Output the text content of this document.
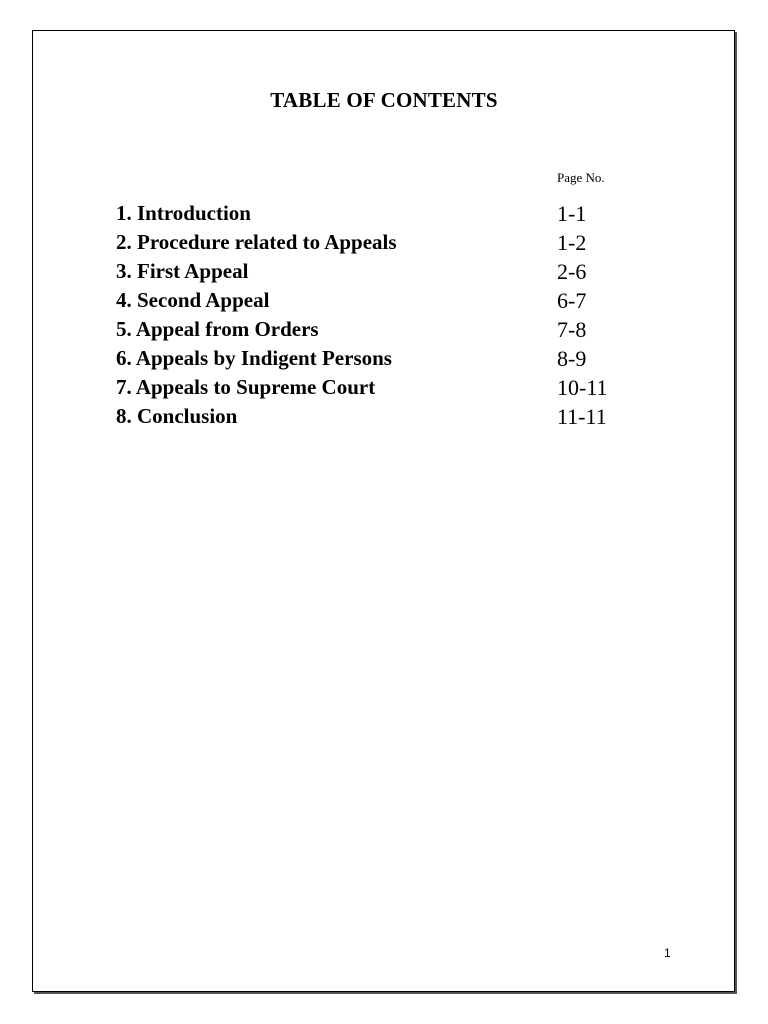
TABLE OF CONTENTS
Page No.
1. Introduction	1-1
2. Procedure related to Appeals	1-2
3. First Appeal	2-6
4. Second Appeal	6-7
5. Appeal from Orders	7-8
6. Appeals by Indigent Persons	8-9
7. Appeals to Supreme Court	10-11
8. Conclusion	11-11
1
